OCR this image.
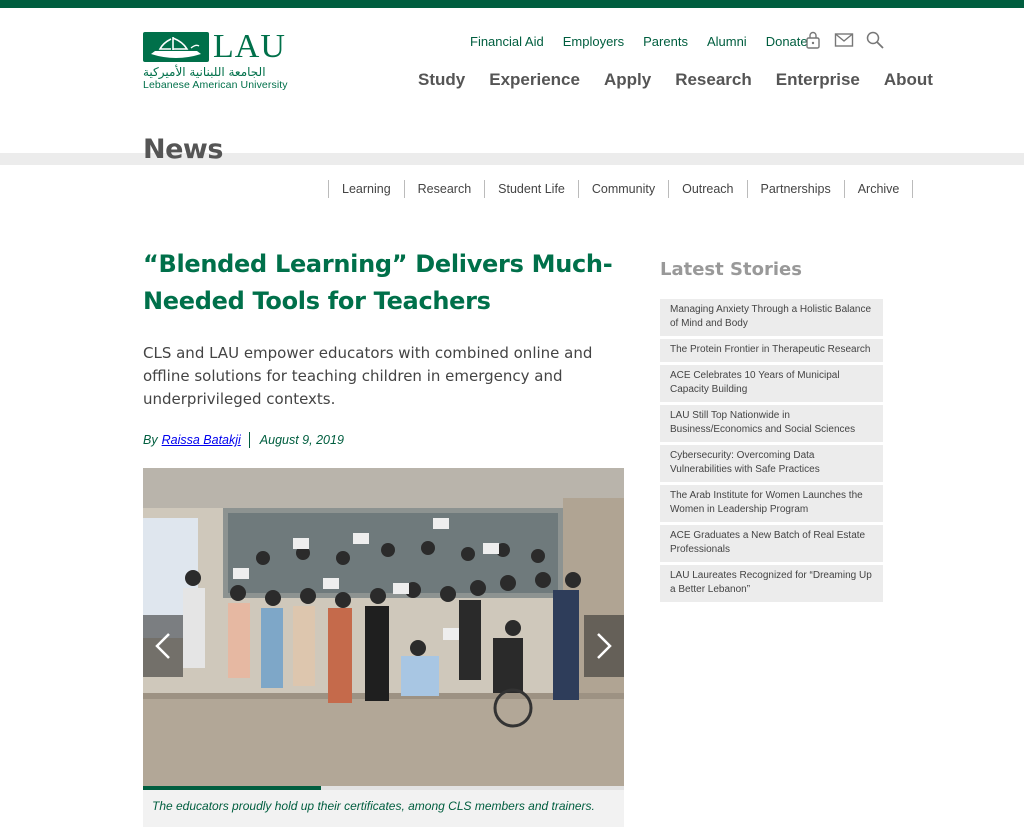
LAU
الجامعة اللبنانية الأميركية
Lebanese American University
Financial Aid Employers Parents Alumni Donate
Study Experience Apply Research Enterprise About
News
Learning	Research	Student Life	Community	Outreach	Partnerships	Archive
“Blended Learning” Delivers Much-Needed Tools for Teachers

CLS and LAU empower educators with combined online and offline solutions for teaching children in emergency and underprivileged contexts.

By Raissa Batakji August 9, 2019

The educators proudly hold up their certificates, among CLS members and trainers.

Latest Stories
Managing Anxiety Through a Holistic Balance of Mind and Body
The Protein Frontier in Therapeutic Research
ACE Celebrates 10 Years of Municipal Capacity Building
LAU Still Top Nationwide in Business/Economics and Social Sciences
Cybersecurity: Overcoming Data Vulnerabilities with Safe Practices
The Arab Institute for Women Launches the Women in Leadership Program
ACE Graduates a New Batch of Real Estate Professionals
LAU Laureates Recognized for “Dreaming Up a Better Lebanon”
